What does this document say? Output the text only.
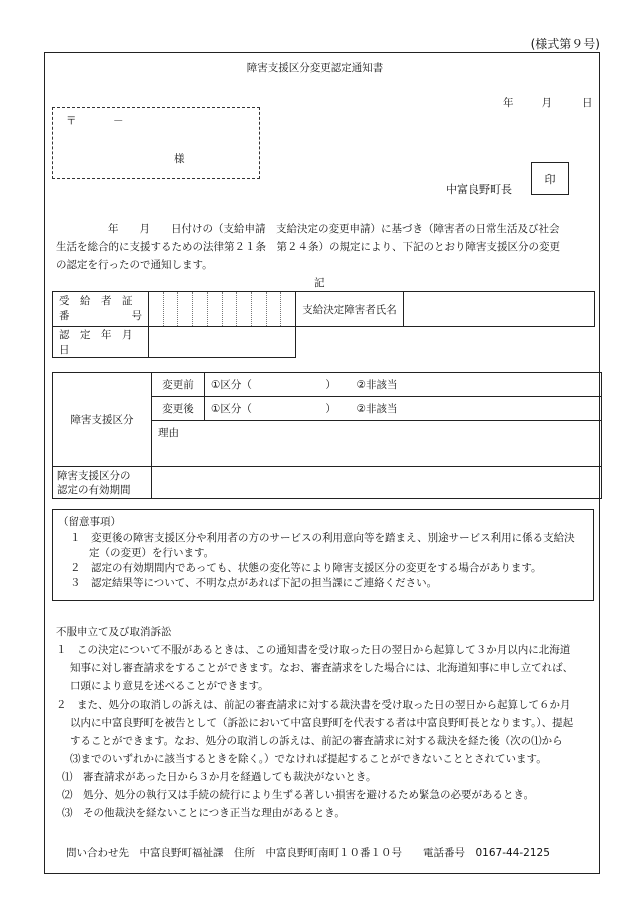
(様式第９号)
障害支援区分変更認定通知書
年	月	日
〒	－
様
中富良野町長
印
年　　月　　日付けの（支給申請　支給決定の変更申請）に基づき（障害者の日常生活及び社会
生活を総合的に支援するための法律第２１条　第２４条）の規定により、下記のとおり障害支援区分の変更
の認定を行ったので通知します。
記
受　給　者　証
番 号		支給決定障害者氏名	
認　定　年　月　日			
障害支援区分	変更前	①区分（　　　　　　　） ②非該当
	変更後	①区分（　　　　　　　） ②非該当
	理由	

障害支援区分の
認定の有効期間		

（留意事項）
１　変更後の障害支援区分や利用者の方のサービスの利用意向等を踏まえ、別途サービス利用に係る支給決
定（の変更）を行います。
２　認定の有効期間内であっても、状態の変化等により障害支援区分の変更をする場合があります。
３　認定結果等について、不明な点があれば下記の担当課にご連絡ください。
不服申立て及び取消訴訟
１　この決定について不服があるときは、この通知書を受け取った日の翌日から起算して３か月以内に北海道
知事に対し審査請求をすることができます。なお、審査請求をした場合には、北海道知事に申し立てれば、
口頭により意見を述べることができます。
２　また、処分の取消しの訴えは、前記の審査請求に対する裁決書を受け取った日の翌日から起算して６か月
以内に中富良野町を被告として（訴訟において中富良野町を代表する者は中富良野町長となります。）、提起
することができます。なお、処分の取消しの訴えは、前記の審査請求に対する裁決を経た後（次の⑴から
⑶までのいずれかに該当するときを除く。）でなければ提起することができないこととされています。
⑴　審査請求があった日から３か月を経過しても裁決がないとき。
⑵　処分、処分の執行又は手続の続行により生ずる著しい損害を避けるため緊急の必要があるとき。
⑶　その他裁決を経ないことにつき正当な理由があるとき。
問い合わせ先　中富良野町福祉課　住所　中富良野町南町１０番１０号　　電話番号　0167-44-2125
